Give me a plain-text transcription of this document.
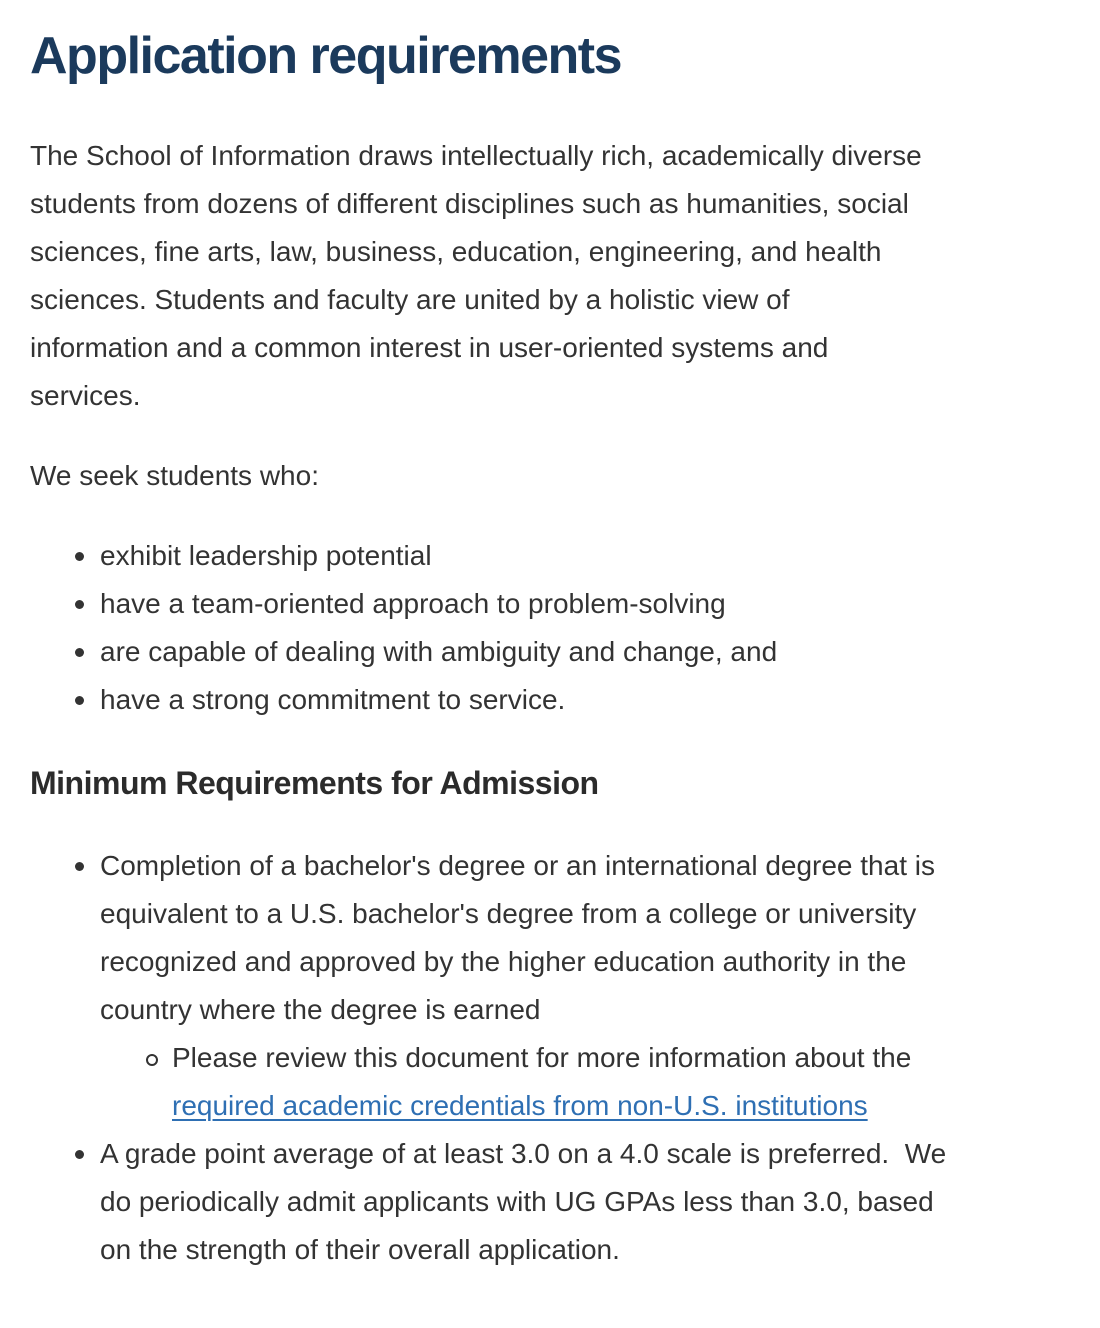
Application requirements

The School of Information draws intellectually rich, academically diverse
students from dozens of different disciplines such as humanities, social
sciences, fine arts, law, business, education, engineering, and health
sciences. Students and faculty are united by a holistic view of
information and a common interest in user-oriented systems and
services.

We seek students who:

exhibit leadership potential
have a team-oriented approach to problem-solving
are capable of dealing with ambiguity and change, and
have a strong commitment to service.
Minimum Requirements for Admission
Completion of a bachelor's degree or an international degree that is
equivalent to a U.S. bachelor's degree from a college or university
recognized and approved by the higher education authority in the
country where the degree is earned
Please review this document for more information about the
required academic credentials from non-U.S. institutions
A grade point average of at least 3.0 on a 4.0 scale is preferred.  We
do periodically admit applicants with UG GPAs less than 3.0, based
on the strength of their overall application.
